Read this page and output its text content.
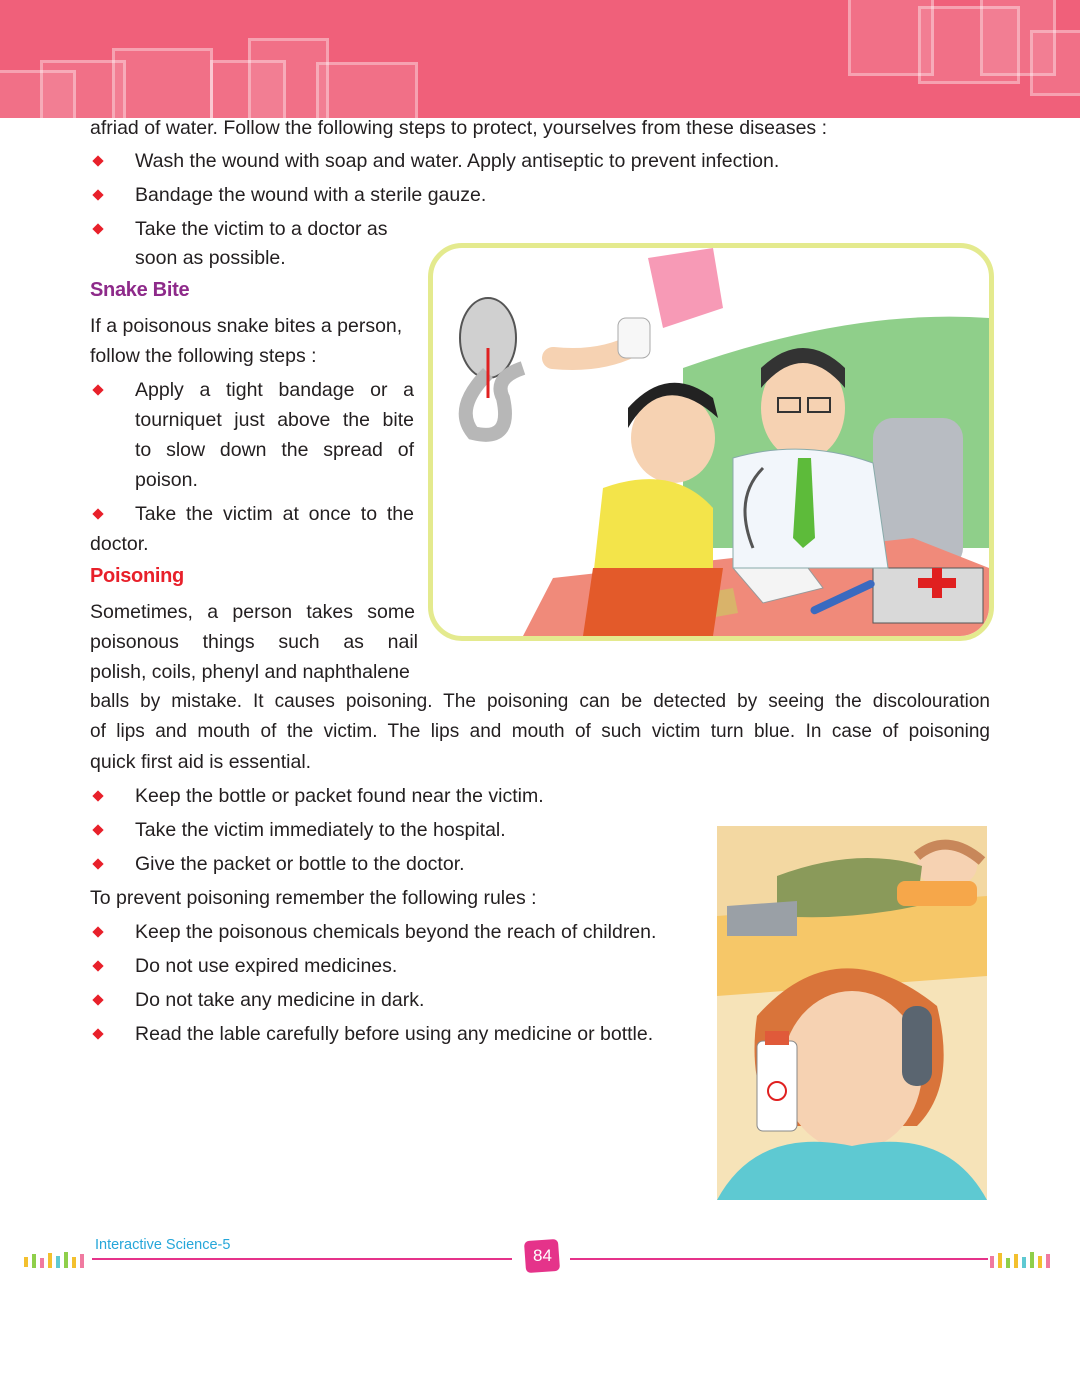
afriad of water. Follow the following steps to protect, yourselves from these diseases :
Wash the wound with soap and water. Apply antiseptic to prevent infection.
Bandage the wound with a sterile gauze.
Take the victim to a doctor as
soon as possible.
Snake Bite
If a poisonous snake bites a person,
follow the following steps :
Apply a tight bandage or a
tourniquet just above the bite
to slow down the spread of
poison.
Take the victim at once to the
doctor.
Poisoning
Sometimes, a person takes some
poisonous things such as nail
polish, coils, phenyl and naphthalene
balls by mistake. It causes poisoning. The poisoning can be detected by seeing the discolouration
of lips and mouth of the victim. The lips and mouth of such victim turn blue. In case of poisoning
quick first aid is essential.
Keep the bottle or packet found near the victim.
Take the victim immediately to the hospital.
Give the packet or bottle to the doctor.
To prevent poisoning remember the following rules :
Keep the poisonous chemicals beyond the reach of children.
Do not use expired medicines.
Do not take any medicine in dark.
Read the lable carefully before using any medicine or bottle.
Interactive Science-5
84
